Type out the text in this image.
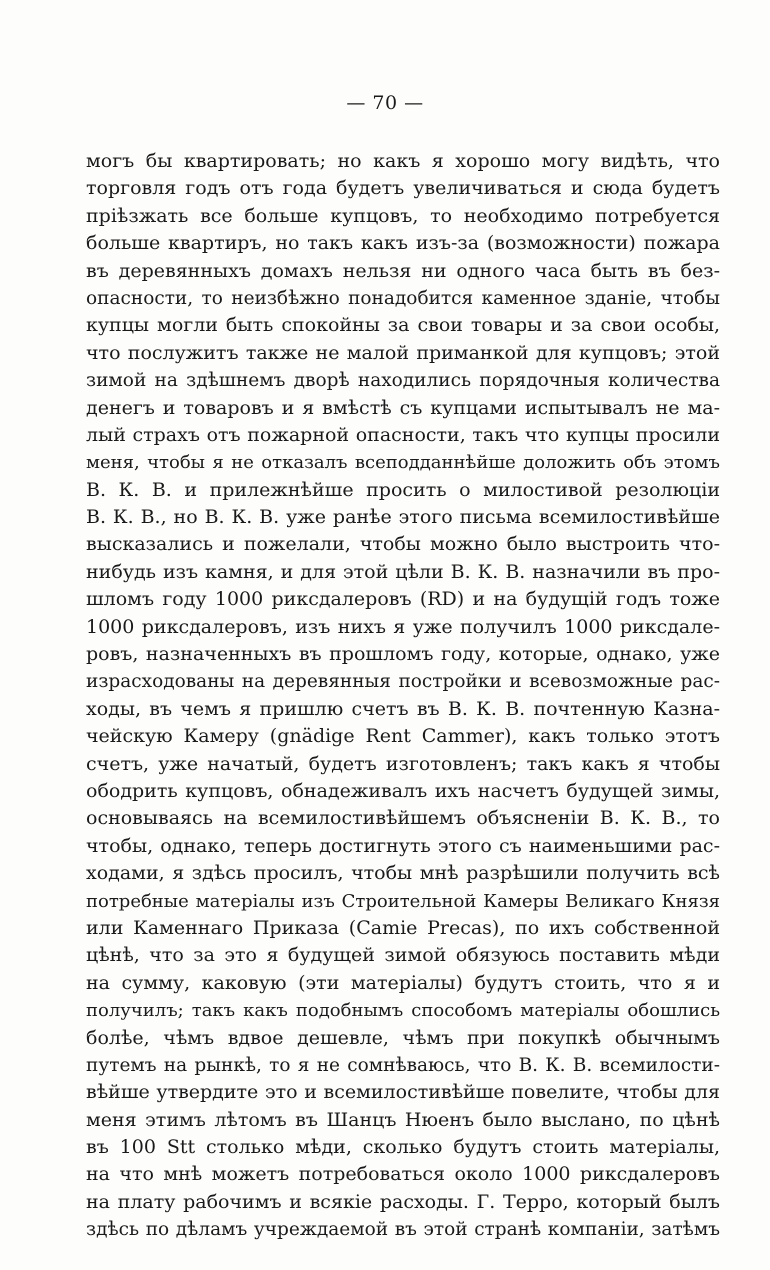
— 70 —
могъ бы квартировать; но какъ я хорошо могу видѣть, что
торговля годъ отъ года будетъ увеличиваться и сюда будетъ
пріѣзжать все больше купцовъ, то необходимо потребуется
больше квартиръ, но такъ какъ изъ-за (возможности) пожара
въ деревянныхъ домахъ нельзя ни одного часа быть въ без-
опасности, то неизбѣжно понадобится каменное зданіе, чтобы
купцы могли быть спокойны за свои товары и за свои особы,
что послужитъ также не малой приманкой для купцовъ; этой
зимой на здѣшнемъ дворѣ находились порядочныя количества
денегъ и товаровъ и я вмѣстѣ съ купцами испытывалъ не ма-
лый страхъ отъ пожарной опасности, такъ что купцы просили
меня, чтобы я не отказалъ всеподданнѣйше доложить объ этомъ
В. К. В. и прилежнѣйше просить о милостивой резолюціи
В. К. В., но В. К. В. уже ранѣе этого письма всемилостивѣйше
высказались и пожелали, чтобы можно было выстроить что-
нибудь изъ камня, и для этой цѣли В. К. В. назначили въ про-
шломъ году 1000 риксдалеровъ (RD) и на будущій годъ тоже
1000 риксдалеровъ, изъ нихъ я уже получилъ 1000 риксдале-
ровъ, назначенныхъ въ прошломъ году, которые, однако, уже
израсходованы на деревянныя постройки и всевозможные рас-
ходы, въ чемъ я пришлю счетъ въ В. К. В. почтенную Казна-
чейскую Камеру (gnädige Rent Cammer), какъ только этотъ
счетъ, уже начатый, будетъ изготовленъ; такъ какъ я чтобы
ободрить купцовъ, обнадеживалъ ихъ насчетъ будущей зимы,
основываясь на всемилостивѣйшемъ объясненіи В. К. В., то
чтобы, однако, теперь достигнуть этого съ наименьшими рас-
ходами, я здѣсь просилъ, чтобы мнѣ разрѣшили получить всѣ
потребные матеріалы изъ Строительной Камеры Великаго Князя
или Каменнаго Приказа (Camie Precas), по ихъ собственной
цѣнѣ, что за это я будущей зимой обязуюсь поставить мѣди
на сумму, каковую (эти матеріалы) будутъ стоить, что я и
получилъ; такъ какъ подобнымъ способомъ матеріалы обошлись
болѣе, чѣмъ вдвое дешевле, чѣмъ при покупкѣ обычнымъ
путемъ на рынкѣ, то я не сомнѣваюсь, что В. К. В. всемилости-
вѣйше утвердите это и всемилостивѣйше повелите, чтобы для
меня этимъ лѣтомъ въ Шанцъ Нюенъ было выслано, по цѣнѣ
въ 100 Stt столько мѣди, сколько будутъ стоить матеріалы,
на что мнѣ можетъ потребоваться около 1000 риксдалеровъ
на плату рабочимъ и всякіе расходы. Г. Терро, который былъ
здѣсь по дѣламъ учреждаемой въ этой странѣ компаніи, затѣмъ
